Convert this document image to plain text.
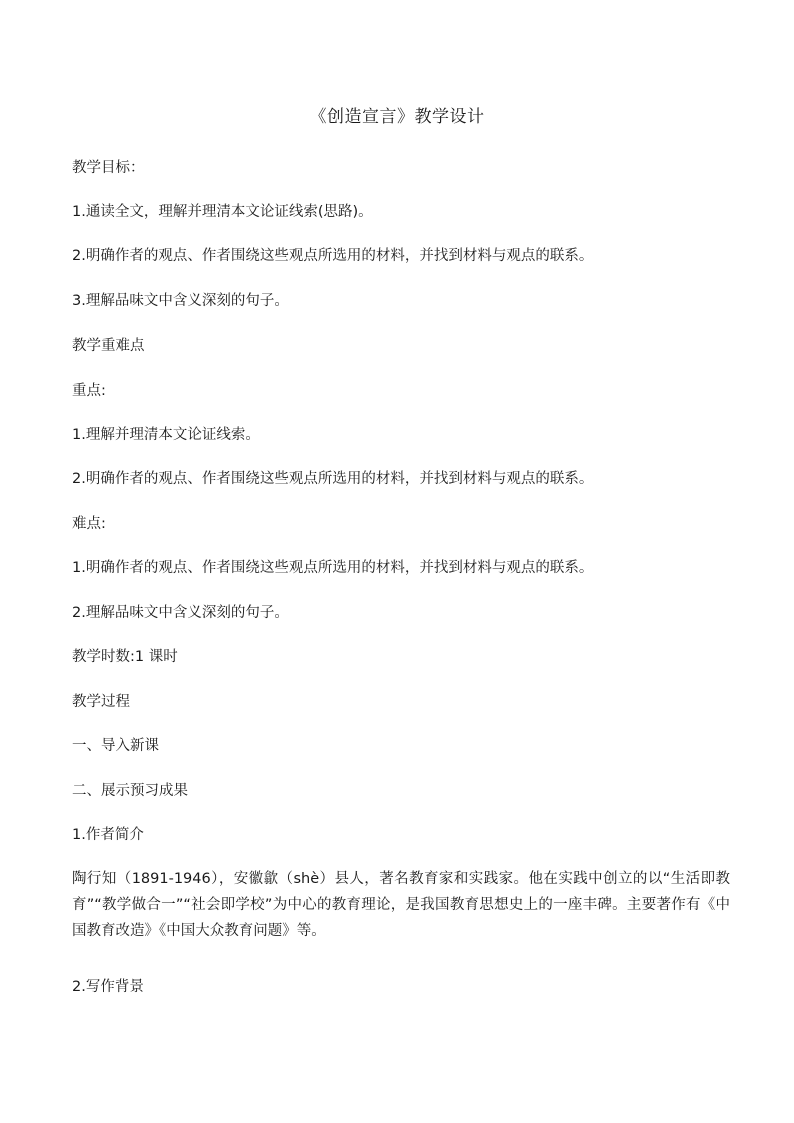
《创造宣言》教学设计
教学目标：
1.通读全文，理解并理清本文论证线索(思路)。
2.明确作者的观点、作者围绕这些观点所选用的材料，并找到材料与观点的联系。
3.理解品味文中含义深刻的句子。
教学重难点
重点:
1.理解并理清本文论证线索。
2.明确作者的观点、作者围绕这些观点所选用的材料，并找到材料与观点的联系。
难点:
1.明确作者的观点、作者围绕这些观点所选用的材料，并找到材料与观点的联系。
2.理解品味文中含义深刻的句子。
教学时数:1 课时
教学过程
一、导入新课
二、展示预习成果
1.作者简介
陶行知（1891-1946），安徽歙（shè）县人，著名教育家和实践家。他在实践中创立的以“生活即教育”“教学做合一”“社会即学校”为中心的教育理论，是我国教育思想史上的一座丰碑。主要著作有《中国教育改造》《中国大众教育问题》等。
2.写作背景
